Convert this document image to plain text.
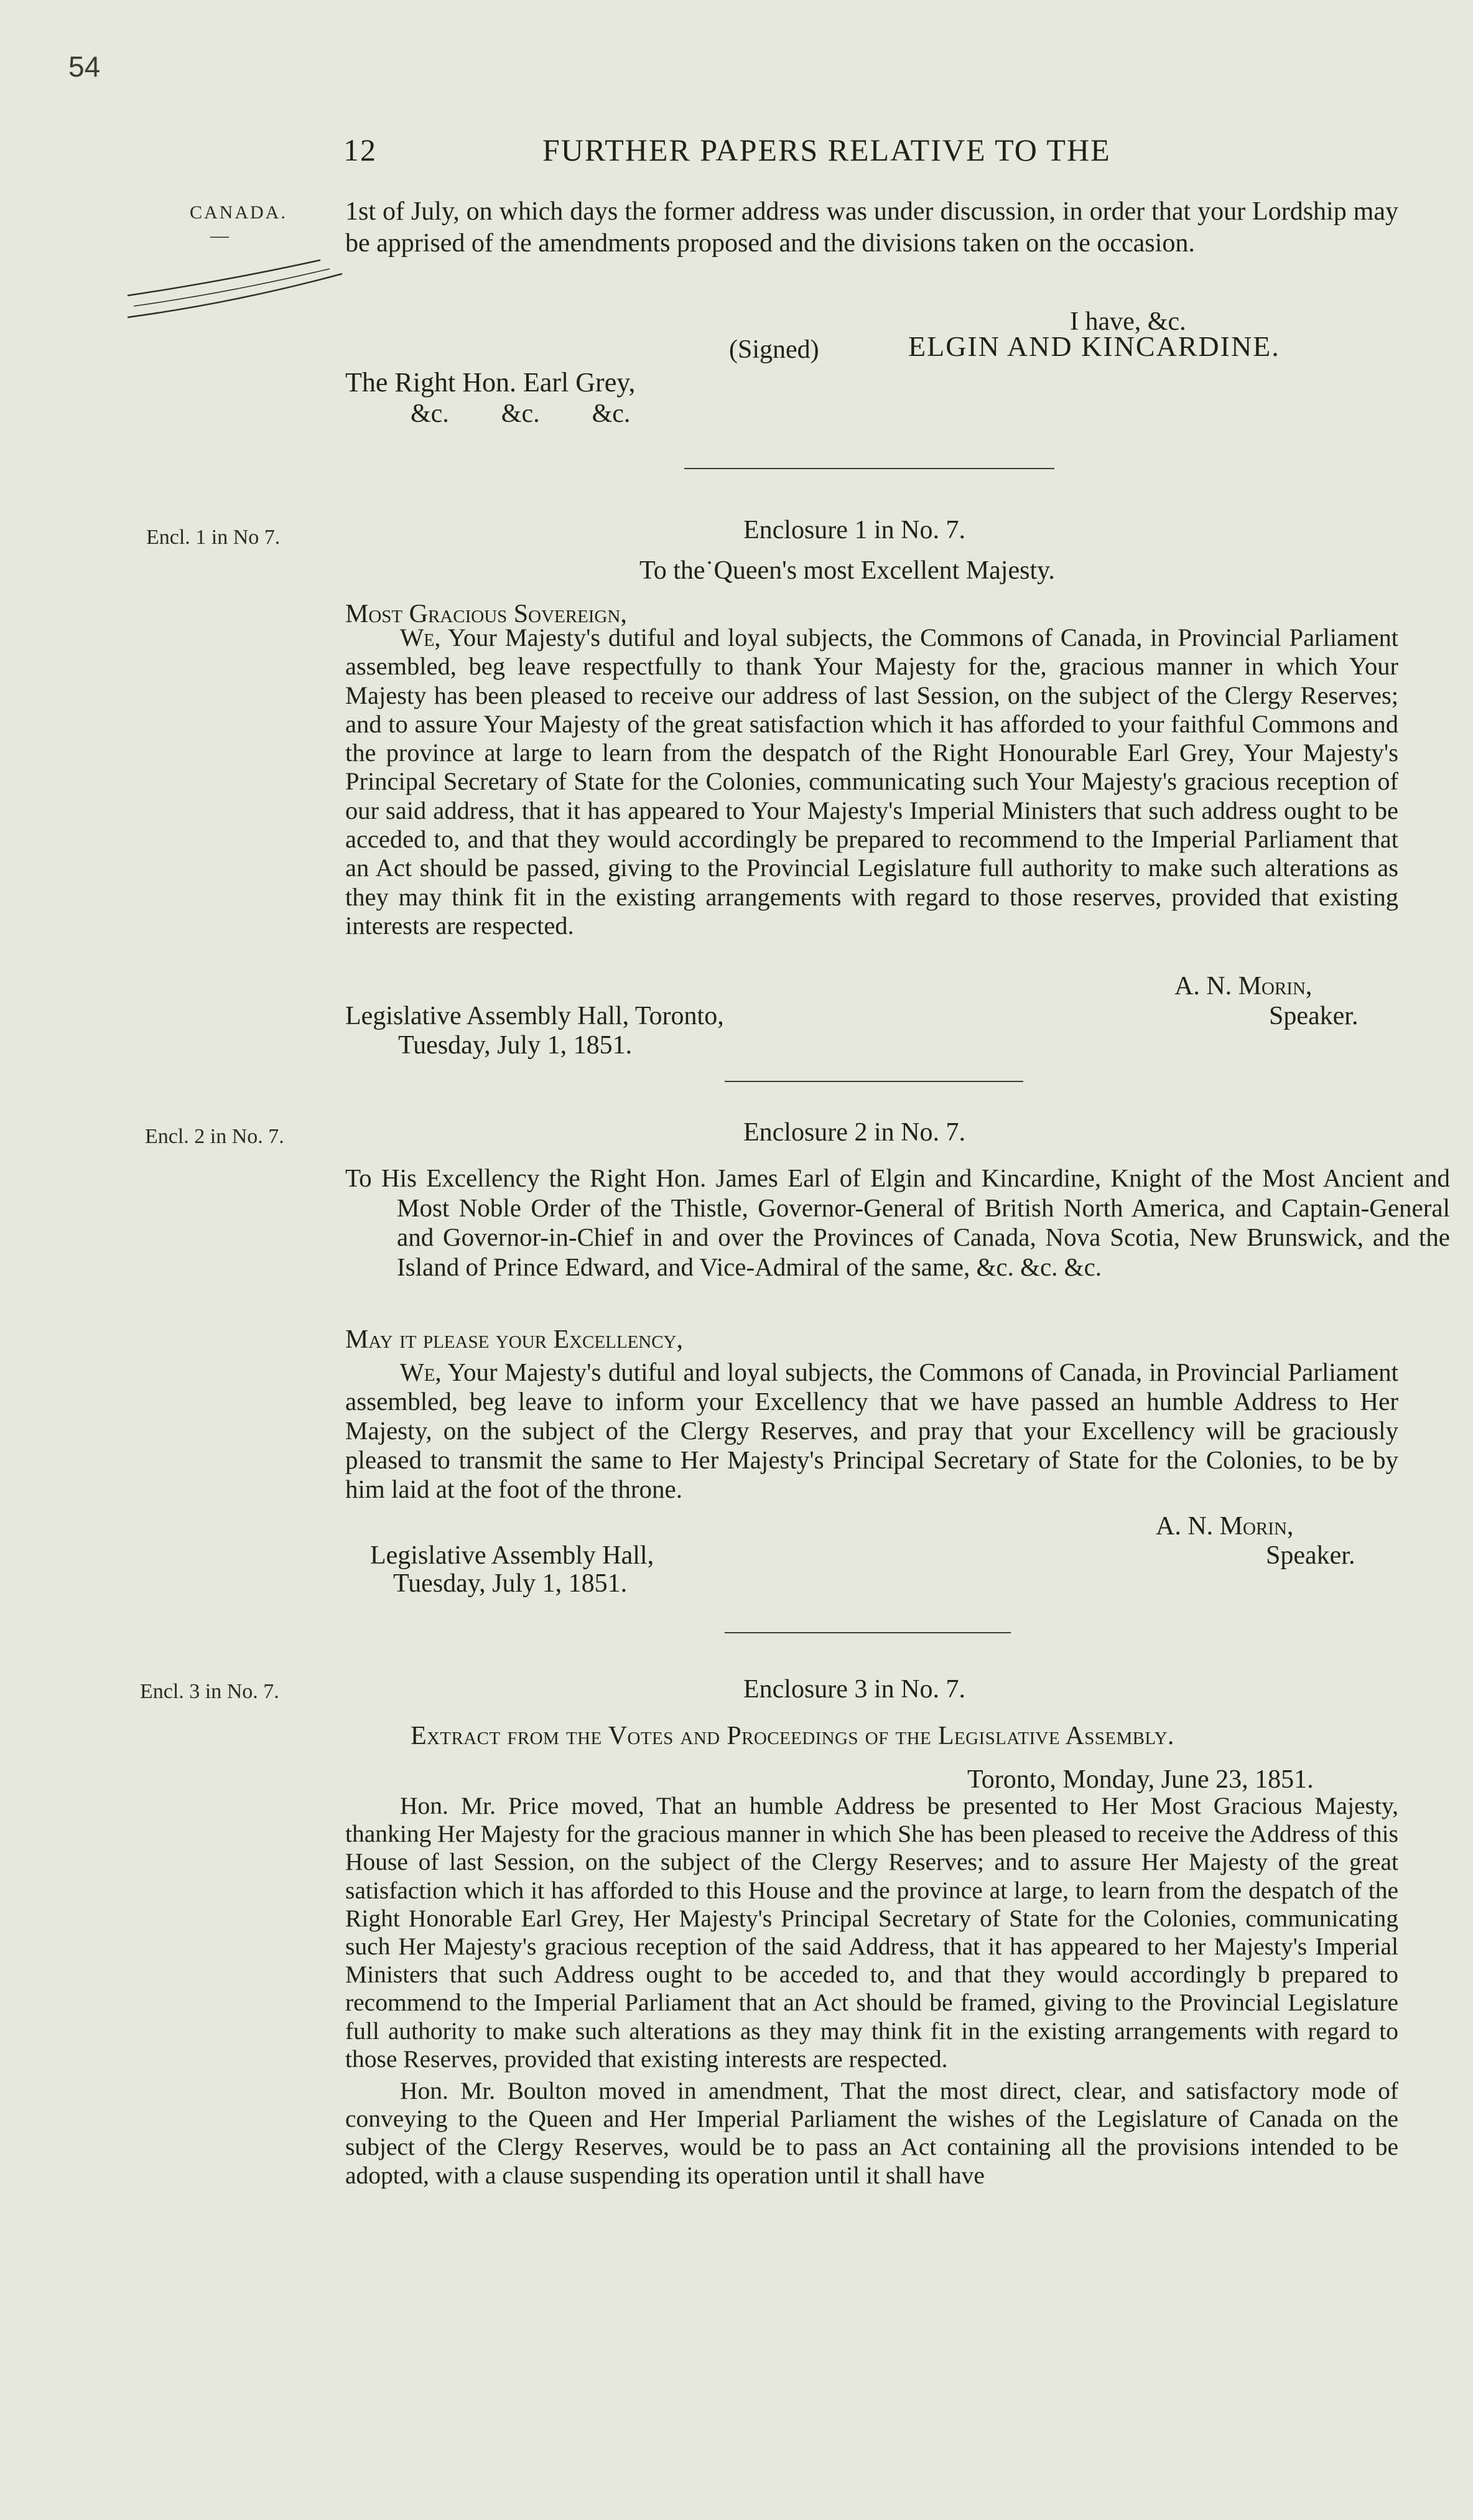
54
12	FURTHER PAPERS RELATIVE TO THE
CANADA.
—
1st of July, on which days the former address was under discussion, in order that your Lordship may be apprised of the amendments proposed and the divisions taken on the occasion.
I have, &c.
(Signed)	ELGIN AND KINCARDINE.
The Right Hon. Earl Grey,
&c.        &c.        &c.
Encl. 1 in No 7.	Enclosure 1 in No. 7.
To the˙Queen's most Excellent Majesty.
Most Gracious Sovereign,
We, Your Majesty's dutiful and loyal subjects, the Commons of Canada, in Provincial Parliament assembled, beg leave respectfully to thank Your Majesty for the, gracious manner in which Your Majesty has been pleased to receive our address of last Session, on the subject of the Clergy Reserves; and to assure Your Majesty of the great satisfaction which it has afforded to your faithful Commons and the province at large to learn from the despatch of the Right Honourable Earl Grey, Your Majesty's Principal Secretary of State for the Colonies, communicating such Your Majesty's gracious reception of our said address, that it has appeared to Your Majesty's Imperial Ministers that such address ought to be acceded to, and that they would accordingly be prepared to recommend to the Imperial Parliament that an Act should be passed, giving to the Provincial Legislature full authority to make such alterations as they may think fit in the existing arrangements with regard to those reserves, provided that existing interests are respected.
A. N. Morin,
Legislative Assembly Hall, Toronto,	Speaker.
Tuesday, July 1, 1851.
Encl. 2 in No. 7.	Enclosure 2 in No. 7.
To His Excellency the Right Hon. James Earl of Elgin and Kincardine, Knight of the Most Ancient and Most Noble Order of the Thistle, Governor-General of British North America, and Captain-General and Governor-in-Chief in and over the Provinces of Canada, Nova Scotia, New Brunswick, and the Island of Prince Edward, and Vice-Admiral of the same, &c. &c. &c.
May it please your Excellency,
We, Your Majesty's dutiful and loyal subjects, the Commons of Canada, in Provincial Parliament assembled, beg leave to inform your Excellency that we have passed an humble Address to Her Majesty, on the subject of the Clergy Reserves, and pray that your Excellency will be graciously pleased to transmit the same to Her Majesty's Principal Secretary of State for the Colonies, to be by him laid at the foot of the throne.
A. N. Morin,
Legislative Assembly Hall,	Speaker.
Tuesday, July 1, 1851.
Encl. 3 in No. 7.	Enclosure 3 in No. 7.
Extract from the Votes and Proceedings of the Legislative Assembly.
Toronto, Monday, June 23, 1851.

Hon. Mr. Price moved, That an humble Address be presented to Her Most Gracious Majesty, thanking Her Majesty for the gracious manner in which She has been pleased to receive the Address of this House of last Session, on the subject of the Clergy Reserves; and to assure Her Majesty of the great satisfaction which it has afforded to this House and the province at large, to learn from the despatch of the Right Honorable Earl Grey, Her Majesty's Principal Secretary of State for the Colonies, communicating such Her Majesty's gracious reception of the said Address, that it has appeared to her Majesty's Imperial Ministers that such Address ought to be acceded to, and that they would accordingly b prepared to recommend to the Imperial Parliament that an Act should be framed, giving to the Provincial Legislature full authority to make such alterations as they may think fit in the existing arrangements with regard to those Reserves, provided that existing interests are respected.

Hon. Mr. Boulton moved in amendment, That the most direct, clear, and satisfactory mode of conveying to the Queen and Her Imperial Parliament the wishes of the Legislature of Canada on the subject of the Clergy Reserves, would be to pass an Act containing all the provisions intended to be adopted, with a clause suspending its operation until it shall have
